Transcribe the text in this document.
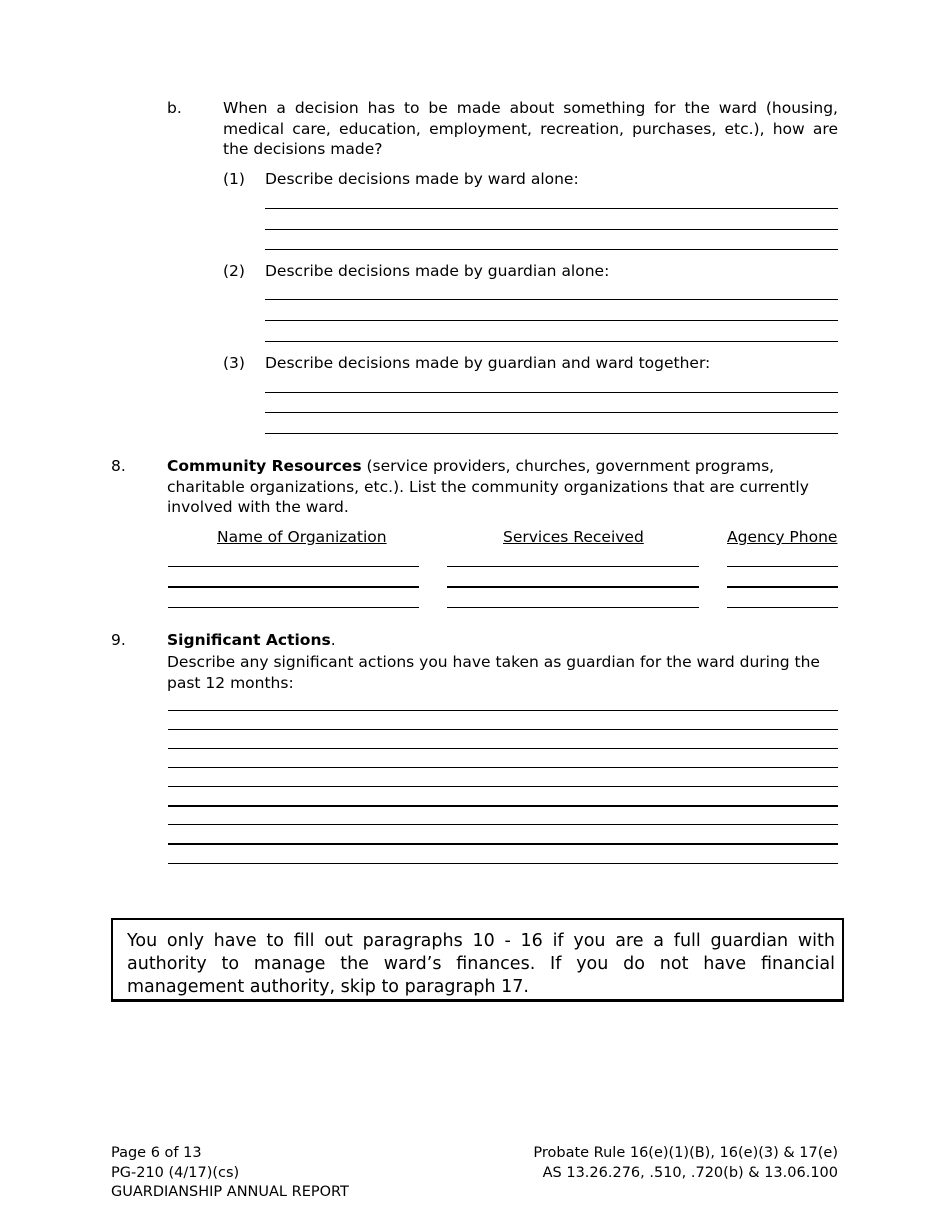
b.	When a decision has to be made about something for the ward (housing, medical care, education, employment, recreation, purchases, etc.), how are the decisions made?
(1) Describe decisions made by ward alone:
(2) Describe decisions made by guardian alone:
(3) Describe decisions made by guardian and ward together:
8.	Community Resources (service providers, churches, government programs, charitable organizations, etc.). List the community organizations that are currently involved with the ward.
Name of Organization	Services Received	Agency Phone
9.	Significant Actions.
Describe any significant actions you have taken as guardian for the ward during the past 12 months:
You only have to fill out paragraphs 10 - 16 if you are a full guardian with authority to manage the ward’s finances. If you do not have financial management authority, skip to paragraph 17.
Page 6 of 13
PG-210 (4/17)(cs)
GUARDIANSHIP ANNUAL REPORT
Probate Rule 16(e)(1)(B), 16(e)(3) & 17(e)
AS 13.26.276, .510, .720(b) & 13.06.100
